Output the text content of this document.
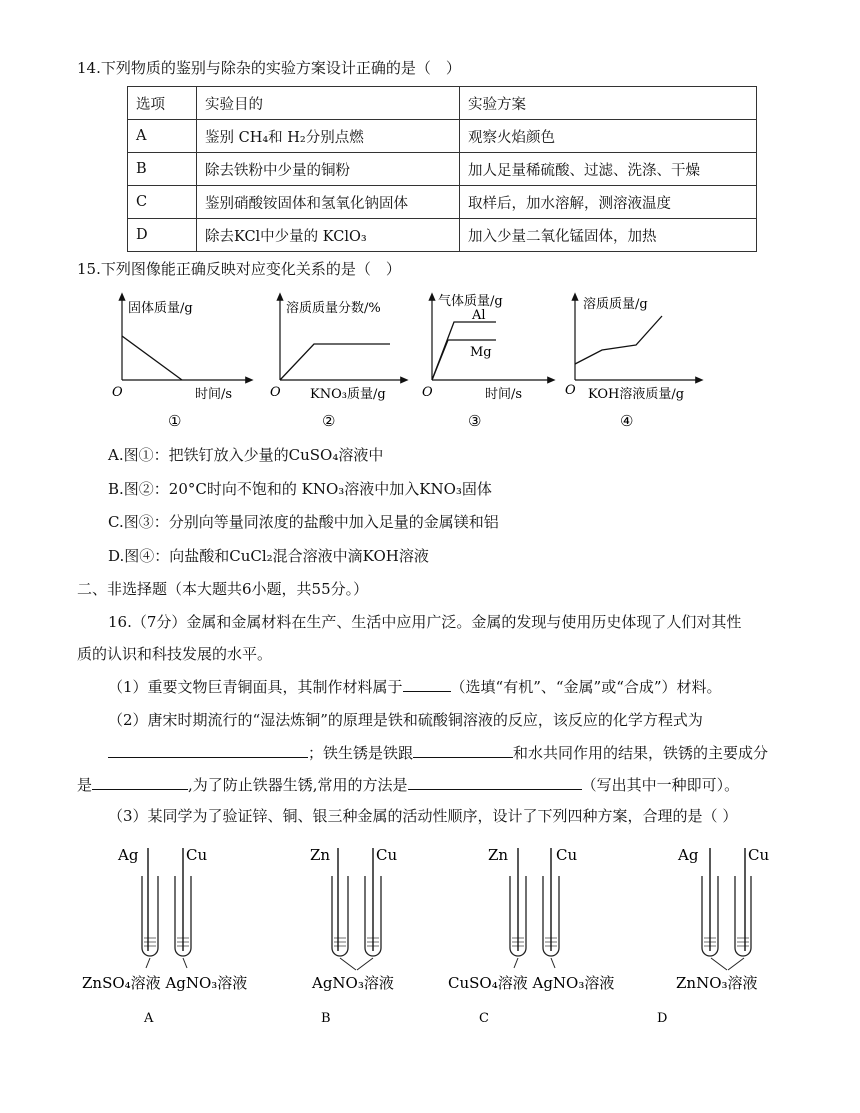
14.下列物质的鉴别与除杂的实验方案设计正确的是（　）
选项	实验目的	实验方案
A	鉴别 CH₄和 H₂分别点燃	观察火焰颜色
B	除去铁粉中少量的铜粉	加人足量稀硫酸、过滤、洗涤、干燥
C	鉴别硝酸铵固体和氢氧化钠固体	取样后，加水溶解，测溶液温度
D	除去KCl中少量的 KClO₃	加入少量二氧化锰固体，加热
15.下列图像能正确反映对应变化关系的是（　）
固体质量/g
时间/s
O
①
溶质质量分数/%
KNO₃质量/g
O
②
气体质量/g
Al
Mg
时间/s
O
③
溶质质量/g
KOH溶液质量/g
O
④
A.图①：把铁钉放入少量的CuSO₄溶液中
B.图②：20°C时向不饱和的 KNO₃溶液中加入KNO₃固体
C.图③：分别向等量同浓度的盐酸中加入足量的金属镁和铝
D.图④：向盐酸和CuCl₂混合溶液中滴KOH溶液
二、非选择题（本大题共6小题，共55分。）
16.（7分）金属和金属材料在生产、生活中应用广泛。金属的发现与使用历史体现了人们对其性
质的认识和科技发展的水平。
（1）重要文物巨青铜面具，其制作材料属于	（选填“有机”、“金属”或“合成”）材料。
（2）唐宋时期流行的“湿法炼铜”的原理是铁和硫酸铜溶液的反应，该反应的化学方程式为
；铁生锈是铁跟	和水共同作用的结果，铁锈的主要成分
是	,为了防止铁器生锈,常用的方法是	（写出其中一种即可）。
（3）某同学为了验证锌、铜、银三种金属的活动性顺序，设计了下列四种方案，合理的是（ ）
Ag	Cu
ZnSO₄溶液 AgNO₃溶液
A
Zn	Cu
AgNO₃溶液
B
Zn	Cu
CuSO₄溶液 AgNO₃溶液
C
Ag	Cu
ZnNO₃溶液
D
